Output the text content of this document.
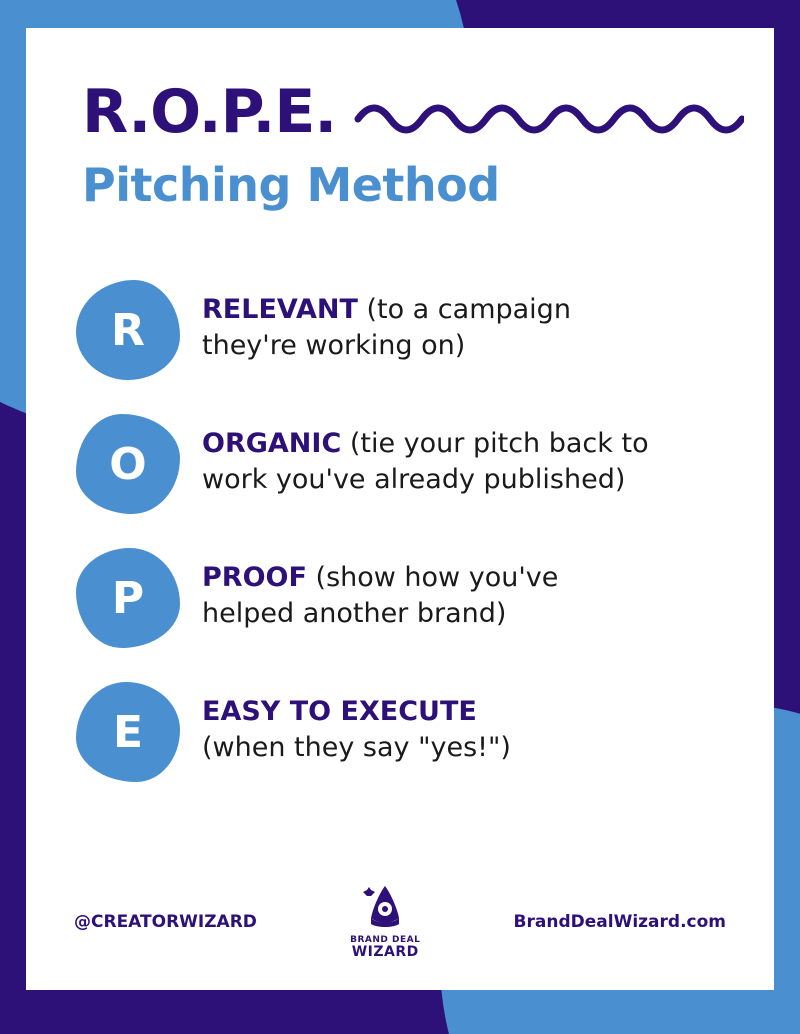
R.O.P.E.
Pitching Method
R RELEVANT (to a campaign
they're working on)
O ORGANIC (tie your pitch back to
work you've already published)
P PROOF (show how you've
helped another brand)
E EASY TO EXECUTE
(when they say "yes!")
@CREATORWIZARD
BRAND DEAL
WIZARD
BrandDealWizard.com
